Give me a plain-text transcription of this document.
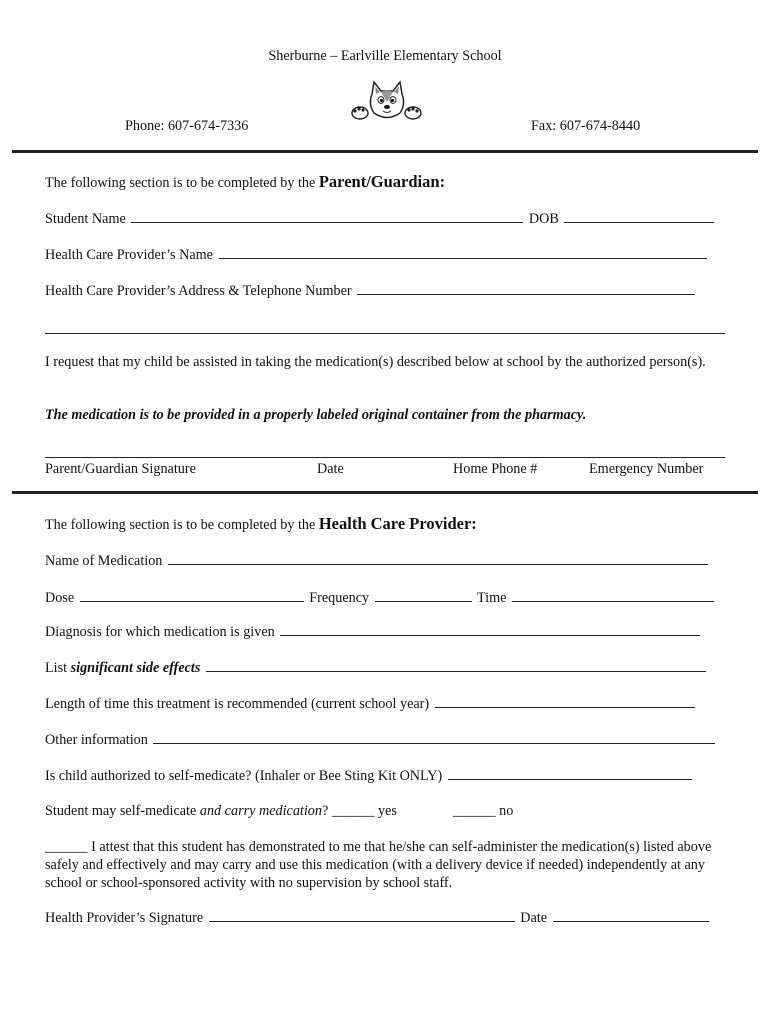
Sherburne – Earlville Elementary School
Phone: 607-674-7336	Fax: 607-674-8440
The following section is to be completed by the Parent/Guardian:
Student Name	DOB
Health Care Provider’s Name
Health Care Provider’s Address & Telephone Number
I request that my child be assisted in taking the medication(s) described below at school by the authorized person(s).
The medication is to be provided in a properly labeled original container from the pharmacy.
Parent/Guardian Signature	Date	Home Phone #	Emergency Number
The following section is to be completed by the Health Care Provider:
Name of Medication
Dose	Frequency	Time
Diagnosis for which medication is given
List significant side effects
Length of time this treatment is recommended (current school year)
Other information
Is child authorized to self-medicate? (Inhaler or Bee Sting Kit ONLY)
Student may self-medicate and carry medication? ______ yes	______ no
______ I attest that this student has demonstrated to me that he/she can self-administer the medication(s) listed above safely and effectively and may carry and use this medication (with a delivery device if needed) independently at any school or school-sponsored activity with no supervision by school staff.
Health Provider’s Signature	Date
